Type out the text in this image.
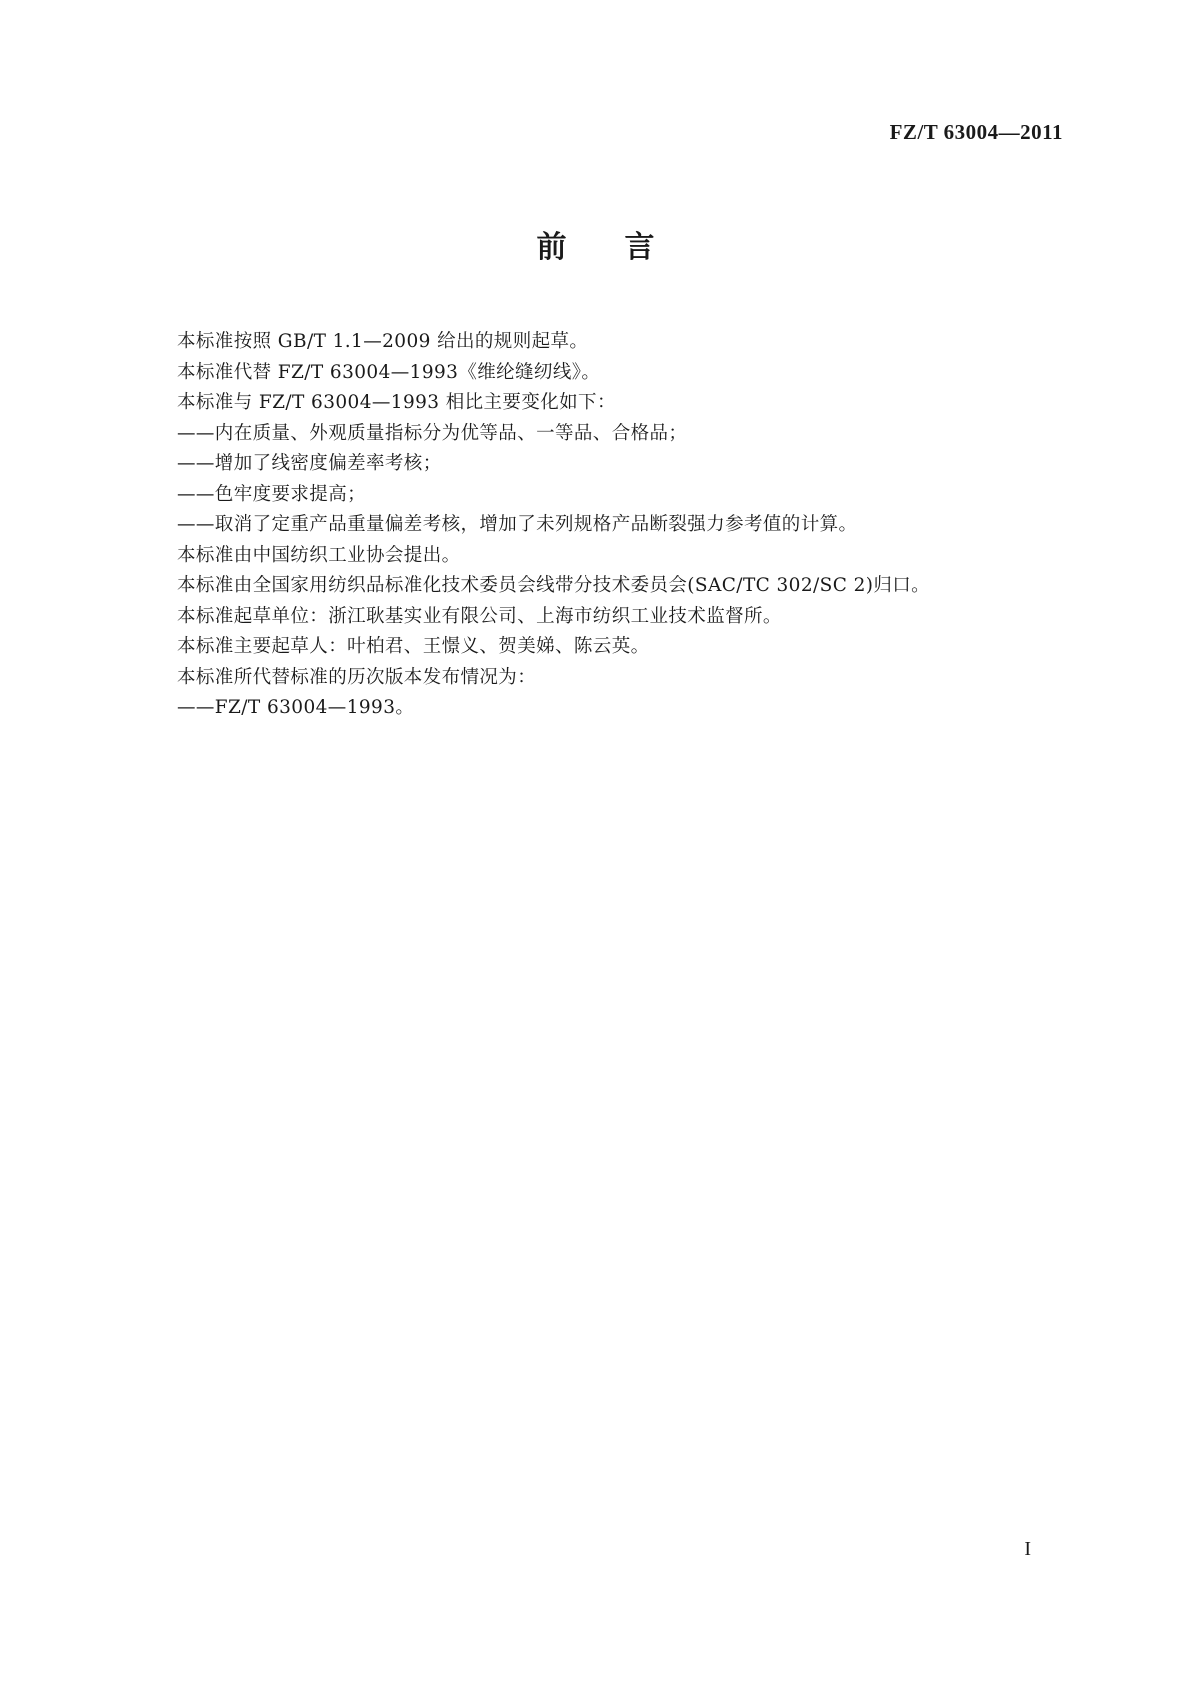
FZ/T 63004—2011
前言
本标准按照 GB/T 1.1—2009 给出的规则起草。
本标准代替 FZ/T 63004—1993《维纶缝纫线》。
本标准与 FZ/T 63004—1993 相比主要变化如下：
——内在质量、外观质量指标分为优等品、一等品、合格品；
——增加了线密度偏差率考核；
——色牢度要求提高；
——取消了定重产品重量偏差考核，增加了未列规格产品断裂强力参考值的计算。
本标准由中国纺织工业协会提出。
本标准由全国家用纺织品标准化技术委员会线带分技术委员会(SAC/TC 302/SC 2)归口。
本标准起草单位：浙江耿基实业有限公司、上海市纺织工业技术监督所。
本标准主要起草人：叶柏君、王憬义、贺美娣、陈云英。
本标准所代替标准的历次版本发布情况为：
——FZ/T 63004—1993。
I
